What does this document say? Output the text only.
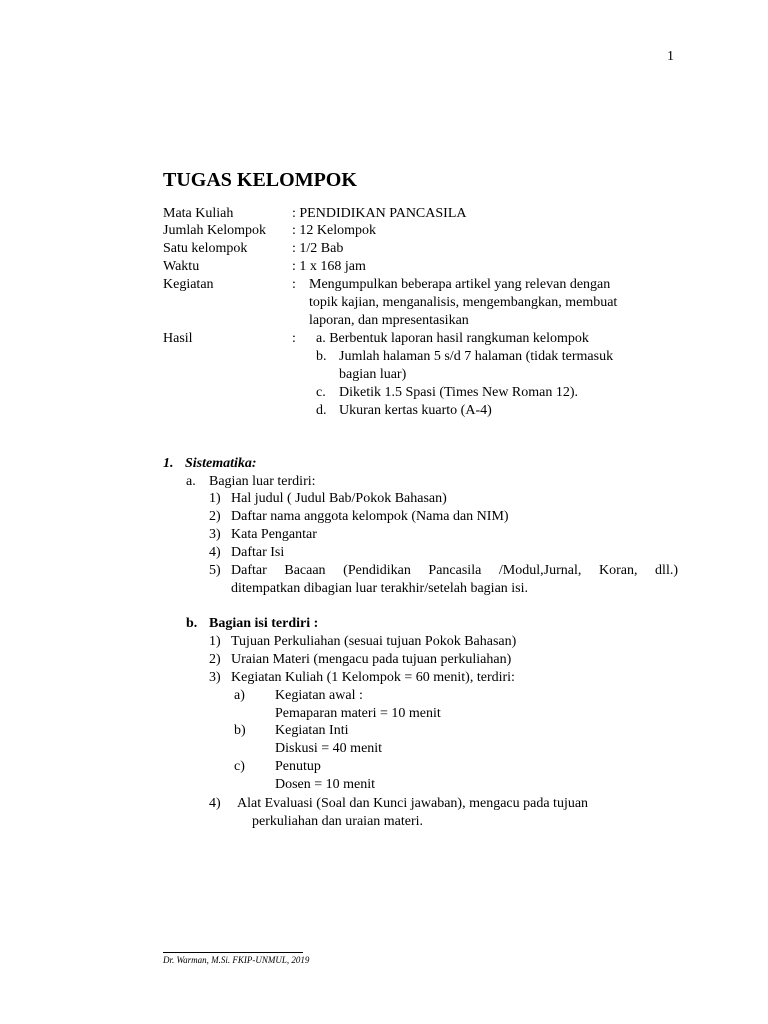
1
TUGAS KELOMPOK
Mata Kuliah	: PENDIDIKAN PANCASILA
Jumlah Kelompok : 12 Kelompok
Satu kelompok	: 1/2 Bab
Waktu	: 1 x 168 jam
Kegiatan	: Mengumpulkan beberapa artikel yang relevan dengan
topik kajian, menganalisis, mengembangkan, membuat
laporan, dan mpresentasikan
Hasil	: a. Berbentuk laporan hasil rangkuman kelompok
b. Jumlah halaman 5 s/d 7 halaman (tidak termasuk
bagian luar)
c. Diketik 1.5 Spasi (Times New Roman 12).
d. Ukuran kertas kuarto (A-4)
1. Sistematika:
a. Bagian luar terdiri:
1) Hal judul ( Judul Bab/Pokok Bahasan)
2) Daftar nama anggota kelompok (Nama dan NIM)
3) Kata Pengantar
4) Daftar Isi
5) Daftar Bacaan (Pendidikan Pancasila /Modul,Jurnal, Koran, dll.)
ditempatkan dibagian luar terakhir/setelah bagian isi.
b. Bagian isi terdiri :
1) Tujuan Perkuliahan (sesuai tujuan Pokok Bahasan)
2) Uraian Materi (mengacu pada tujuan perkuliahan)
3) Kegiatan Kuliah (1 Kelompok = 60 menit), terdiri:
a) Kegiatan awal :
Pemaparan materi = 10 menit
b) Kegiatan Inti
Diskusi = 40 menit
c) Penutup
Dosen = 10 menit
4) Alat Evaluasi (Soal dan Kunci jawaban), mengacu pada tujuan
perkuliahan dan uraian materi.
Dr. Warman, M.Si. FKIP-UNMUL, 2019
